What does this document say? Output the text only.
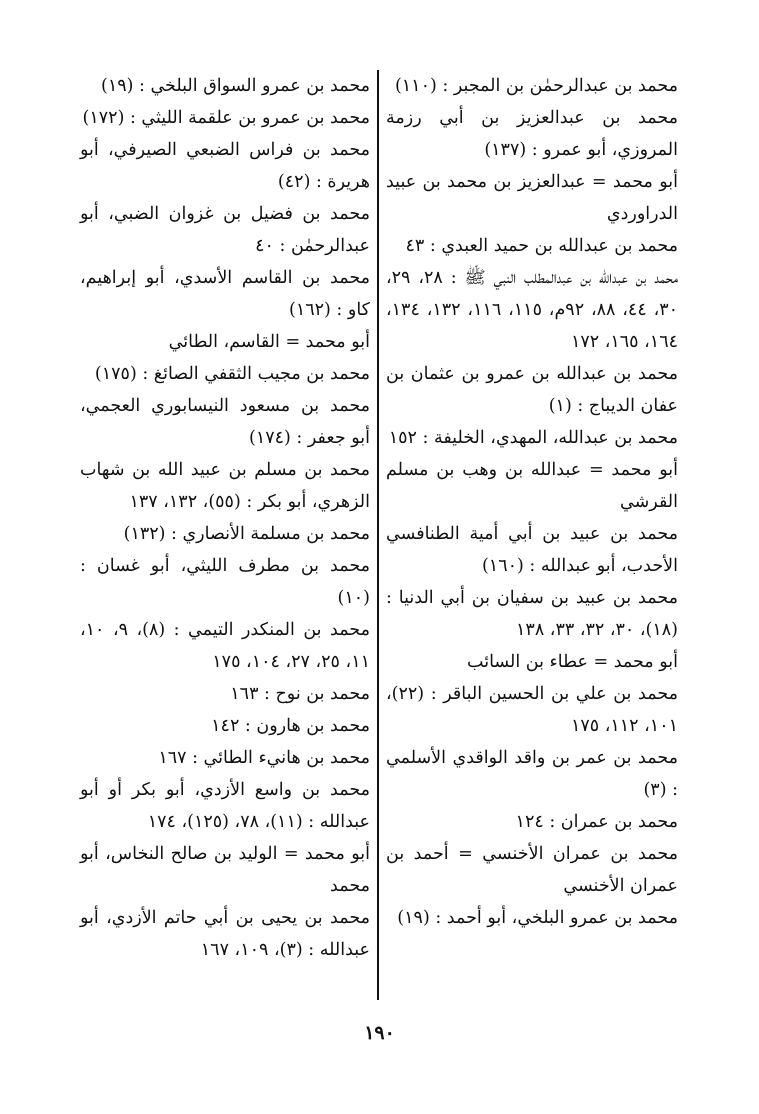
محمد بن عبدالرحمٰن بن المجبر : (١١٠)

محمد بن عبدالعزيز بن أبي رزمة المروزي، أبو عمرو : (١٣٧)

أبو محمد = عبدالعزيز بن محمد بن عبيد الدراوردي

محمد بن عبدالله بن حميد العبدي : ٤٣

محمد بن عبدالله بن عبدالمطلب النبي ﷺ : ٢٨، ٢٩، ٣٠، ٤٤، ٨٨، ٩٢م، ١١٥، ١١٦، ١٣٢، ١٣٤، ١٦٤، ١٦٥، ١٧٢

محمد بن عبدالله بن عمرو بن عثمان بن عفان الديباج : (١)

محمد بن عبدالله، المهدي، الخليفة : ١٥٢

أبو محمد = عبدالله بن وهب بن مسلم القرشي

محمد بن عبيد بن أبي أمية الطنافسي الأحدب، أبو عبدالله : (١٦٠)

محمد بن عبيد بن سفيان بن أبي الدنيا : (١٨)، ٣٠، ٣٢، ٣٣، ١٣٨

أبو محمد = عطاء بن السائب

محمد بن علي بن الحسين الباقر : (٢٢)، ١٠١، ١١٢، ١٧٥

محمد بن عمر بن واقد الواقدي الأسلمي : (٣)

محمد بن عمران : ١٢٤

محمد بن عمران الأخنسي = أحمد بن عمران الأخنسي

محمد بن عمرو البلخي، أبو أحمد : (١٩)

محمد بن عمرو السواق البلخي : (١٩)

محمد بن عمرو بن علقمة الليثي : (١٧٢)

محمد بن فراس الضبعي الصيرفي، أبو هريرة : (٤٢)

محمد بن فضيل بن غزوان الضبي، أبو عبدالرحمٰن : ٤٠

محمد بن القاسم الأسدي، أبو إبراهيم، كاو : (١٦٢)

أبو محمد = القاسم، الطائي

محمد بن مجيب الثقفي الصائغ : (١٧٥)

محمد بن مسعود النيسابوري العجمي، أبو جعفر : (١٧٤)

محمد بن مسلم بن عبيد الله بن شهاب الزهري، أبو بكر : (٥٥)، ١٣٢، ١٣٧

محمد بن مسلمة الأنصاري : (١٣٢)

محمد بن مطرف الليثي، أبو غسان : (١٠)

محمد بن المنكدر التيمي : (٨)، ٩، ١٠، ١١، ٢٥، ٢٧، ١٠٤، ١٧٥

محمد بن نوح : ١٦٣

محمد بن هارون : ١٤٢

محمد بن هانيء الطائي : ١٦٧

محمد بن واسع الأزدي، أبو بكر أو أبو عبدالله : (١١)، ٧٨، (١٢٥)، ١٧٤

أبو محمد = الوليد بن صالح النخاس، أبو محمد

محمد بن يحيى بن أبي حاتم الأزدي، أبو عبدالله : (٣)، ١٠٩، ١٦٧

١٩٠
